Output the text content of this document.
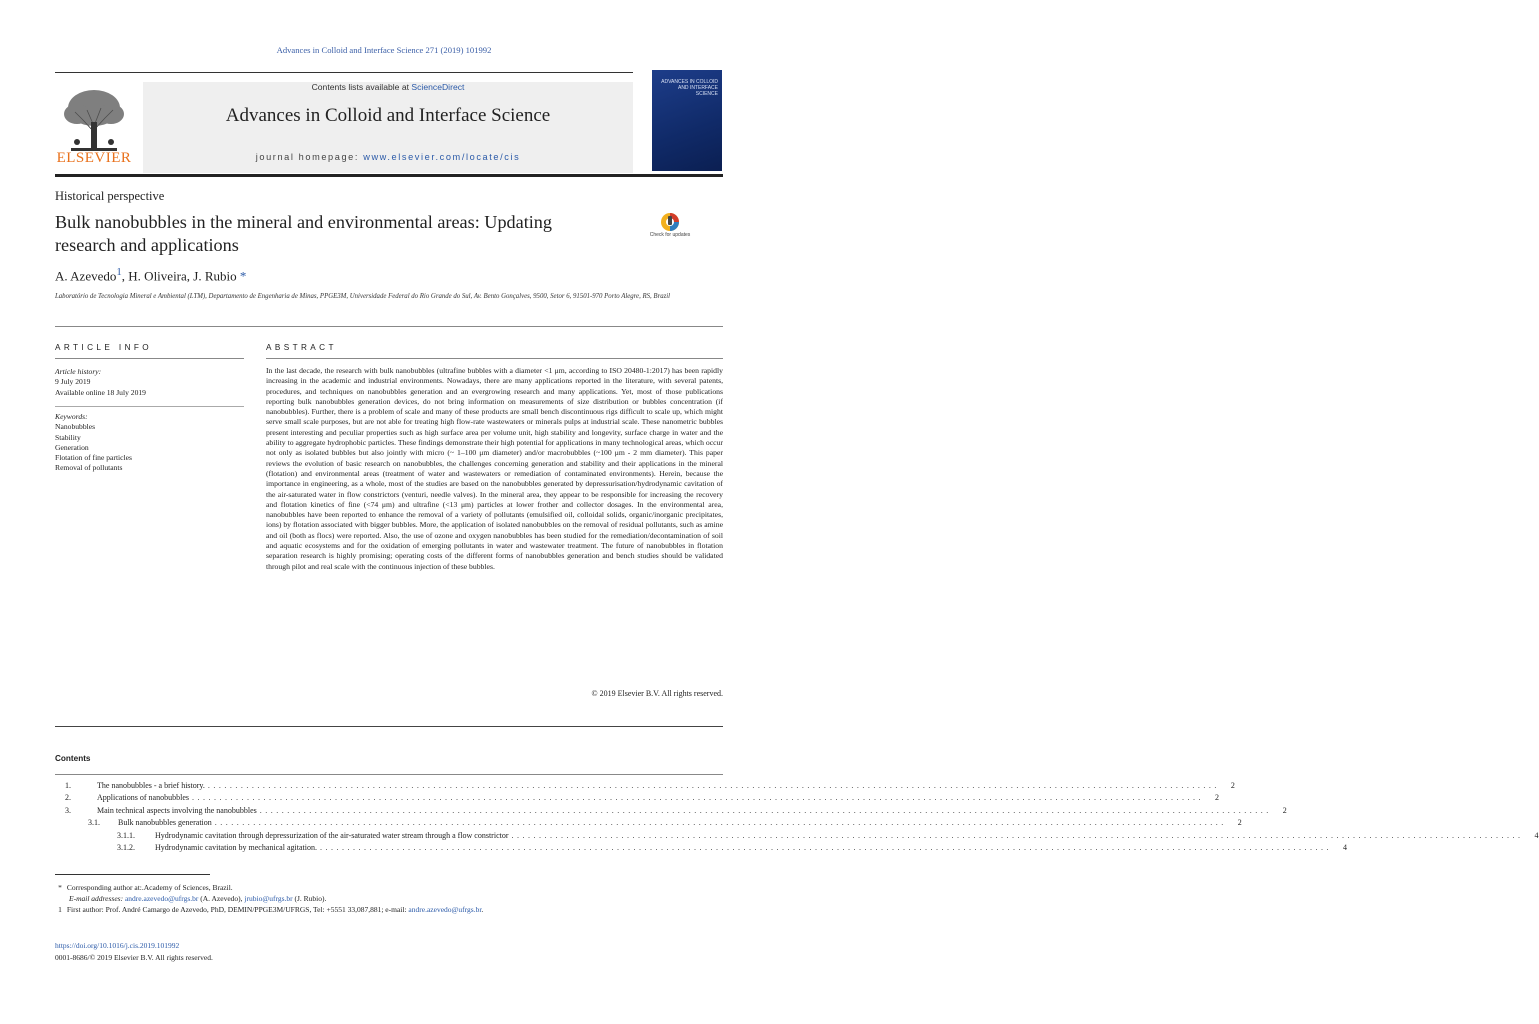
Advances in Colloid and Interface Science 271 (2019) 101992
ELSEVIER
Contents lists available at ScienceDirect
Advances in Colloid and Interface Science
journal homepage: www.elsevier.com/locate/cis
ADVANCES IN COLLOID AND INTERFACE SCIENCE
Historical perspective
Bulk nanobubbles in the mineral and environmental areas: Updating research and applications	Check for updates
A. Azevedo$^1$, H. Oliveira, J. Rubio *
Laboratório de Tecnologia Mineral e Ambiental (LTM), Departamento de Engenharia de Minas, PPGE3M, Universidade Federal do Rio Grande do Sul, Av. Bento Gonçalves, 9500, Setor 6, 91501-970 Porto Alegre, RS, Brazil
ARTICLE INFO
Article history:
9 July 2019
Available online 18 July 2019
Keywords:
Nanobubbles
Stability
Generation
Flotation of fine particles
Removal of pollutants
ABSTRACT
In the last decade, the research with bulk nanobubbles (ultrafine bubbles with a diameter <1 μm, according to ISO 20480-1:2017) has been rapidly increasing in the academic and industrial environments. Nowadays, there are many applications reported in the literature, with several patents, procedures, and techniques on nanobubbles generation and an evergrowing research and many applications. Yet, most of those publications reporting bulk nanobubbles generation devices, do not bring information on measurements of size distribution or bubbles concentration (if nanobubbles). Further, there is a problem of scale and many of these products are small bench discontinuous rigs difficult to scale up, which might serve small scale purposes, but are not able for treating high flow-rate wastewaters or minerals pulps at industrial scale. These nanometric bubbles present interesting and peculiar properties such as high surface area per volume unit, high stability and longevity, surface charge in water and the ability to aggregate hydrophobic particles. These findings demonstrate their high potential for applications in many technological areas, which occur not only as isolated bubbles but also jointly with micro (~ 1–100 μm diameter) and/or macrobubbles (~100 μm - 2 mm diameter). This paper reviews the evolution of basic research on nanobubbles, the challenges concerning generation and stability and their applications in the mineral (flotation) and environmental areas (treatment of water and wastewaters or remediation of contaminated environments). Herein, because the importance in engineering, as a whole, most of the studies are based on the nanobubbles generated by depressurisation/hydrodynamic cavitation of the air-saturated water in flow constrictors (venturi, needle valves). In the mineral area, they appear to be responsible for increasing the recovery and flotation kinetics of fine (<74 μm) and ultrafine (<13 μm) particles at lower frother and collector dosages. In the environmental area, nanobubbles have been reported to enhance the removal of a variety of pollutants (emulsified oil, colloidal solids, organic/inorganic precipitates, ions) by flotation associated with bigger bubbles. More, the application of isolated nanobubbles on the removal of residual pollutants, such as amine and oil (both as flocs) were reported. Also, the use of ozone and oxygen nanobubbles has been studied for the remediation/decontamination of soil and aquatic ecosystems and for the oxidation of emerging pollutants in water and wastewater treatment. The future of nanobubbles in flotation separation research is highly promising; operating costs of the different forms of nanobubbles generation and bench studies should be validated through pilot and real scale with the continuous injection of these bubbles.
© 2019 Elsevier B.V. All rights reserved.
Contents
1.	The nanobubbles - a brief history. ........................................................................................................................................................................................	2
2.	Applications of nanobubbles ........................................................................................................................................................................................	2
3.	Main technical aspects involving the nanobubbles ........................................................................................................................................................................................	2
3.1.	Bulk nanobubbles generation ........................................................................................................................................................................................	2
3.1.1.	Hydrodynamic cavitation through depressurization of the air-saturated water stream through a flow constrictor ........................................................................................................................................................................................	4
3.1.2.	Hydrodynamic cavitation by mechanical agitation. ........................................................................................................................................................................................	4
* Corresponding author at:.Academy of Sciences, Brazil.
E-mail addresses: andre.azevedo@ufrgs.br (A. Azevedo), jrubio@ufrgs.br (J. Rubio).
1 First author: Prof. André Camargo de Azevedo, PhD, DEMIN/PPGE3M/UFRGS, Tel: +5551 33,087,881; e-mail: andre.azevedo@ufrgs.br.
https://doi.org/10.1016/j.cis.2019.101992
0001-8686/© 2019 Elsevier B.V. All rights reserved.
